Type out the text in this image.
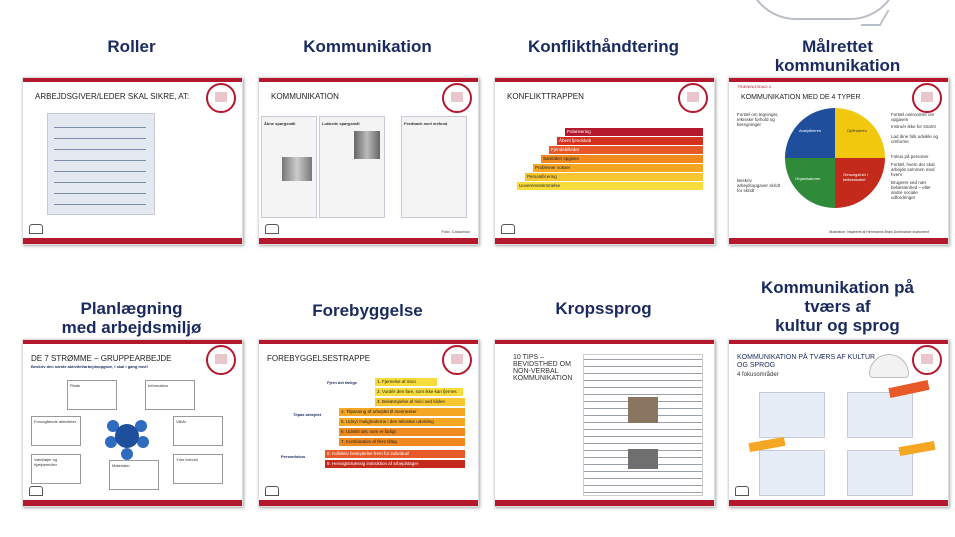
Roller	Kommunikation	Konflikthåndtering	Målrettet
kommunikation
Planlægning
med arbejdsmiljø
Forebyggelse	Kropssprog
Kommunikation på
tværs af
kultur og sprog
ARBEJDSGIVER/LEDER SKAL SIKRE, AT:	KOMMUNIKATION
Åbne spørgsmål	Lukkede spørgsmål	Feedback med mefund
Foto: Colourbox
KONFLIKTTRAPPEN
Polarisering
Åbent fjendskab
Fjendebilleder
Samtalen opgives
Problemer vokser
Personificering
Uoverensstemmelse
TRÆNINGSDAG 4
KOMMUNIKATION MED DE 4 TYPER
Analytikeren	Opfinderen
Organisatoren
Omsorgsfuld i fællesskabet
Fortæl om tegninger, tekniske forhold og beregninger
Beskriv arbejdsopgaver skridt for skridt
Fortæl overordnet om opgaven
Instruér ikke for stramt
Lad dine folk udvikle og omforme
Fokus på personer
Fortæl, hvem der skal arbejde sammen med hvem
Brugerer ved nær befæstenhed – eller andre sociale udfordringer
Illustration: Inspireret af Herrmanns Brain Dominance Instrument
DE 7 STRØMME – GRUPPEARBEJDE
Beskriv den næste aktivitet/arbejdsopgave, I skal i gang med!
Plads	Information
Forudgående aktiviteter	Vilkår
Værktøjer og hjælpemidler	Materialer
Ydre forhold
FOREBYGGELSESTRAPPE
Fjern det farlige
Tilpas arbejdet
Personfokus
1. Fjernelse af risici
2. Vurdér den fare, som ikke kan fjernes
3. Bekæmpelse af risici ved kilden
4. Tilpasning af arbejdet til mennesker
5. Udnyt mulighederne i den tekniske udvikling
6. Udskift det, som er farligt
7. Kombination af flere tiltag
8. Kollektiv beskyttelse frem for individuel
9. Hensigtsmæssig instruktion af arbejdstager
10 TIPS – BEVIDSTHED OM NON-VERBAL KOMMUNIKATION
KOMMUNIKATION PÅ TVÆRS AF KULTUR OG SPROG
4 fokusområder
